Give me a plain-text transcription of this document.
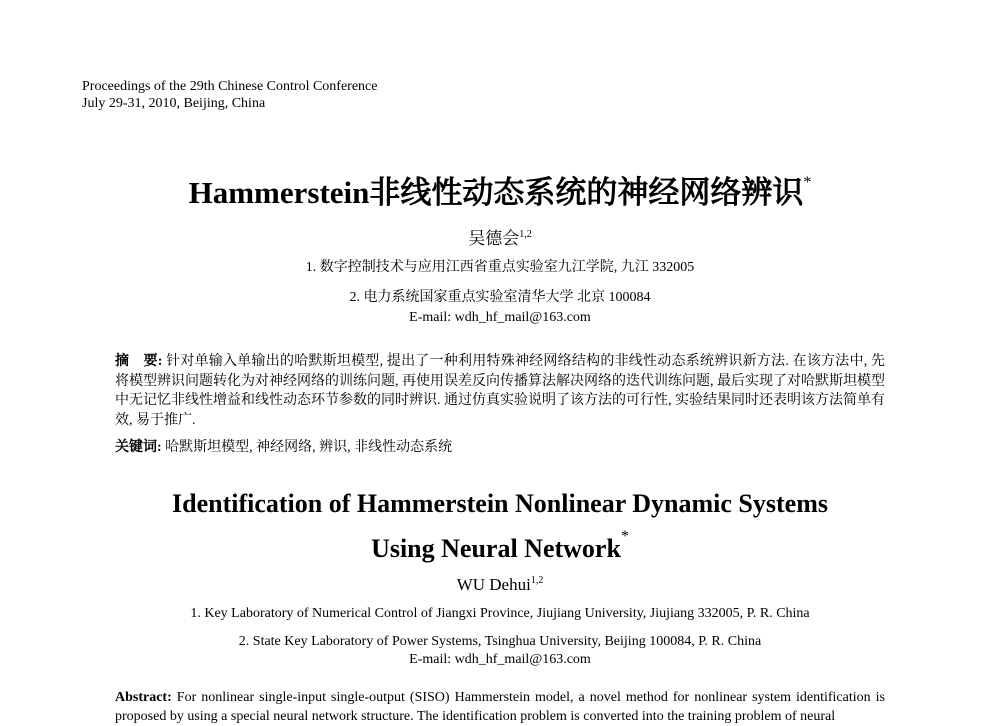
Proceedings of the 29th Chinese Control Conference
July 29-31, 2010, Beijing, China
Hammerstein非线性动态系统的神经网络辨识*
吴德会$^{1,2}$
1. 数字控制技术与应用江西省重点实验室九江学院, 九江 332005
2. 电力系统国家重点实验室清华大学 北京 100084
E-mail: wdh_hf_mail@163.com
摘　要: 针对单输入单输出的哈默斯坦模型, 提出了一种利用特殊神经网络结构的非线性动态系统辨识新方法. 在该方法中, 先将模型辨识问题转化为对神经网络的训练问题, 再使用误差反向传播算法解决网络的迭代训练问题, 最后实现了对哈默斯坦模型中无记忆非线性增益和线性动态环节参数的同时辨识. 通过仿真实验说明了该方法的可行性, 实验结果同时还表明该方法简单有效, 易于推广.
关键词: 哈默斯坦模型, 神经网络, 辨识, 非线性动态系统
Identification of Hammerstein Nonlinear Dynamic Systems
Using Neural Network*
WU Dehui$^{1,2}$
1. Key Laboratory of Numerical Control of Jiangxi Province, Jiujiang University, Jiujiang 332005, P. R. China
2. State Key Laboratory of Power Systems, Tsinghua University, Beijing 100084, P. R. China
E-mail: wdh_hf_mail@163.com
Abstract: For nonlinear single-input single-output (SISO) Hammerstein model, a novel method for nonlinear system identification is proposed by using a special neural network structure. The identification problem is converted into the training problem of neural
